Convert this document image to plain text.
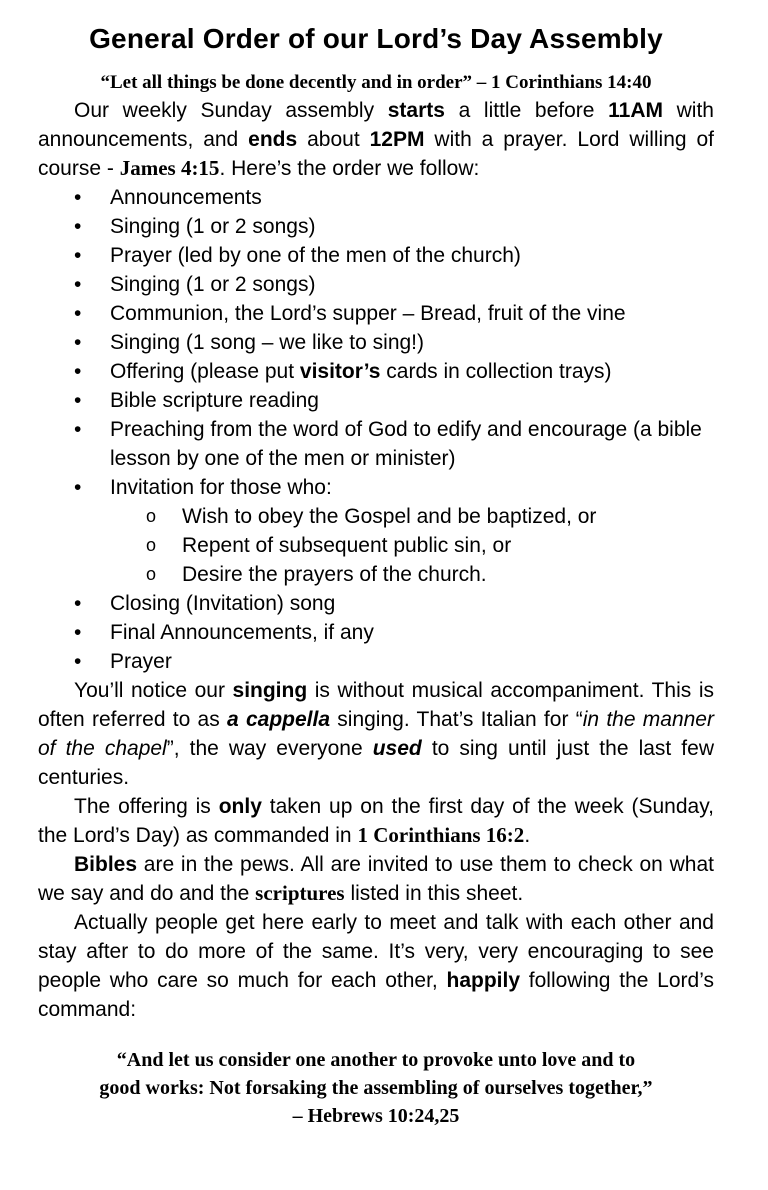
General Order of our Lord’s Day Assembly
“Let all things be done decently and in order” – 1 Corinthians 14:40

Our weekly Sunday assembly starts a little before 11AM with announcements, and ends about 12PM with a prayer. Lord willing of course - James 4:15. Here’s the order we follow:

• Announcements
• Singing (1 or 2 songs)
• Prayer (led by one of the men of the church)
• Singing (1 or 2 songs)
• Communion, the Lord’s supper – Bread, fruit of the vine
• Singing (1 song – we like to sing!)
• Offering (please put visitor’s cards in collection trays)
• Bible scripture reading
• Preaching from the word of God to edify and encourage (a bible lesson by one of the men or minister)
• Invitation for those who:
o Wish to obey the Gospel and be baptized, or
o Repent of subsequent public sin, or
o Desire the prayers of the church.
• Closing (Invitation) song
• Final Announcements, if any
• Prayer

You’ll notice our singing is without musical accompaniment. This is often referred to as a cappella singing. That’s Italian for “in the manner of the chapel”, the way everyone used to sing until just the last few centuries.

The offering is only taken up on the first day of the week (Sunday, the Lord’s Day) as commanded in 1 Corinthians 16:2.

Bibles are in the pews. All are invited to use them to check on what we say and do and the scriptures listed in this sheet.

Actually people get here early to meet and talk with each other and stay after to do more of the same. It’s very, very encouraging to see people who care so much for each other, happily following the Lord’s command:

“And let us consider one another to provoke unto love and to
good works: Not forsaking the assembling of ourselves together,”
– Hebrews 10:24,25
